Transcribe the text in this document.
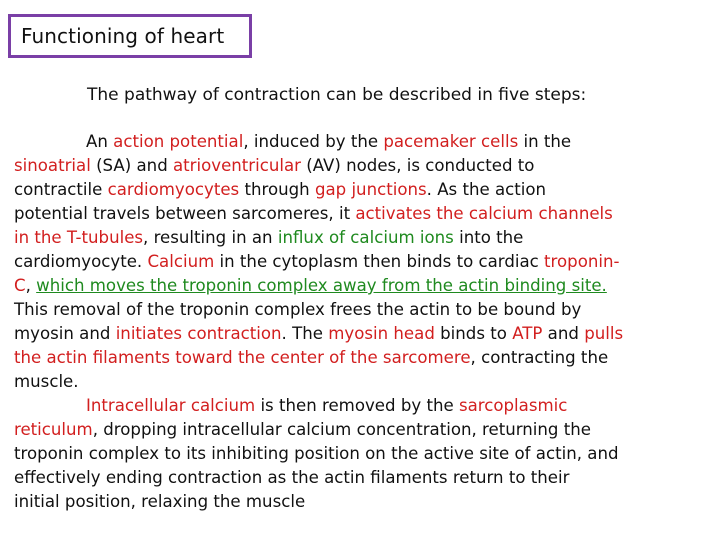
Functioning of heart
The pathway of contraction can be described in five steps:
An action potential, induced by the pacemaker cells in the
sinoatrial (SA) and atrioventricular (AV) nodes, is conducted to
contractile cardiomyocytes through gap junctions. As the action
potential travels between sarcomeres, it activates the calcium channels
in the T-tubules, resulting in an influx of calcium ions into the
cardiomyocyte. Calcium in the cytoplasm then binds to cardiac troponin-
C, which moves the troponin complex away from the actin binding site.
This removal of the troponin complex frees the actin to be bound by
myosin and initiates contraction. The myosin head binds to ATP and pulls
the actin filaments toward the center of the sarcomere, contracting the
muscle.
Intracellular calcium is then removed by the sarcoplasmic
reticulum, dropping intracellular calcium concentration, returning the
troponin complex to its inhibiting position on the active site of actin, and
effectively ending contraction as the actin filaments return to their
initial position, relaxing the muscle
